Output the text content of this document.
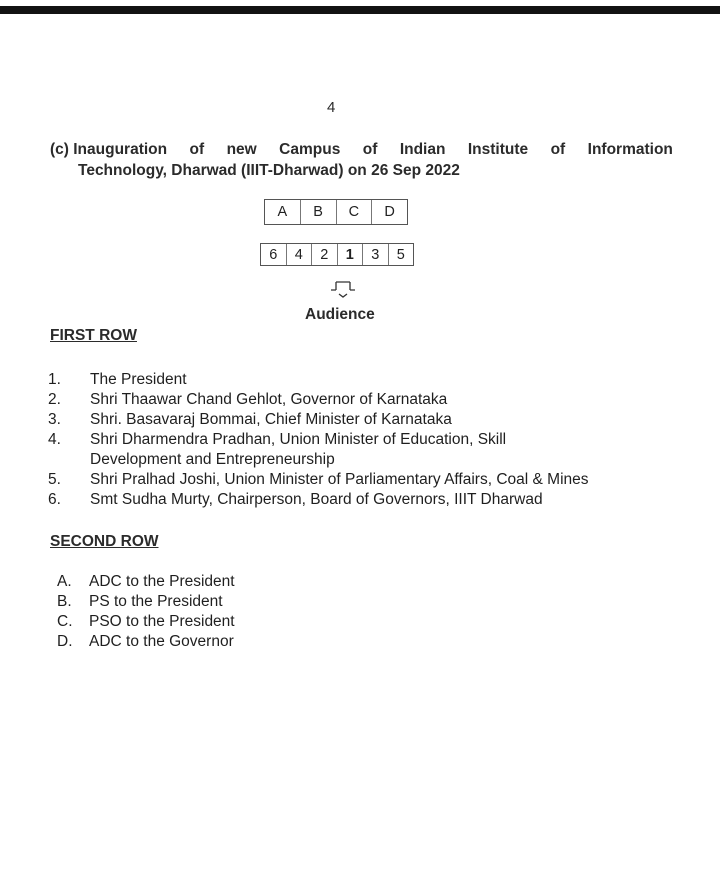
4
(c) Inauguration of new Campus of Indian Institute of Information
Technology, Dharwad (IIIT-Dharwad) on 26 Sep 2022
A	B	C	D
6	4	2	1	3	5
Audience
FIRST ROW
1.	The President
2.	Shri Thaawar Chand Gehlot, Governor of Karnataka
3.	Shri. Basavaraj Bommai, Chief Minister of Karnataka
4.	Shri Dharmendra Pradhan, Union Minister of Education, Skill Development and Entrepreneurship
5.	Shri Pralhad Joshi, Union Minister of Parliamentary Affairs, Coal & Mines
6.	Smt Sudha Murty, Chairperson, Board of Governors, IIIT Dharwad
SECOND ROW
A.	ADC to the President
B.	PS to the President
C.	PSO to the President
D.	ADC to the Governor
